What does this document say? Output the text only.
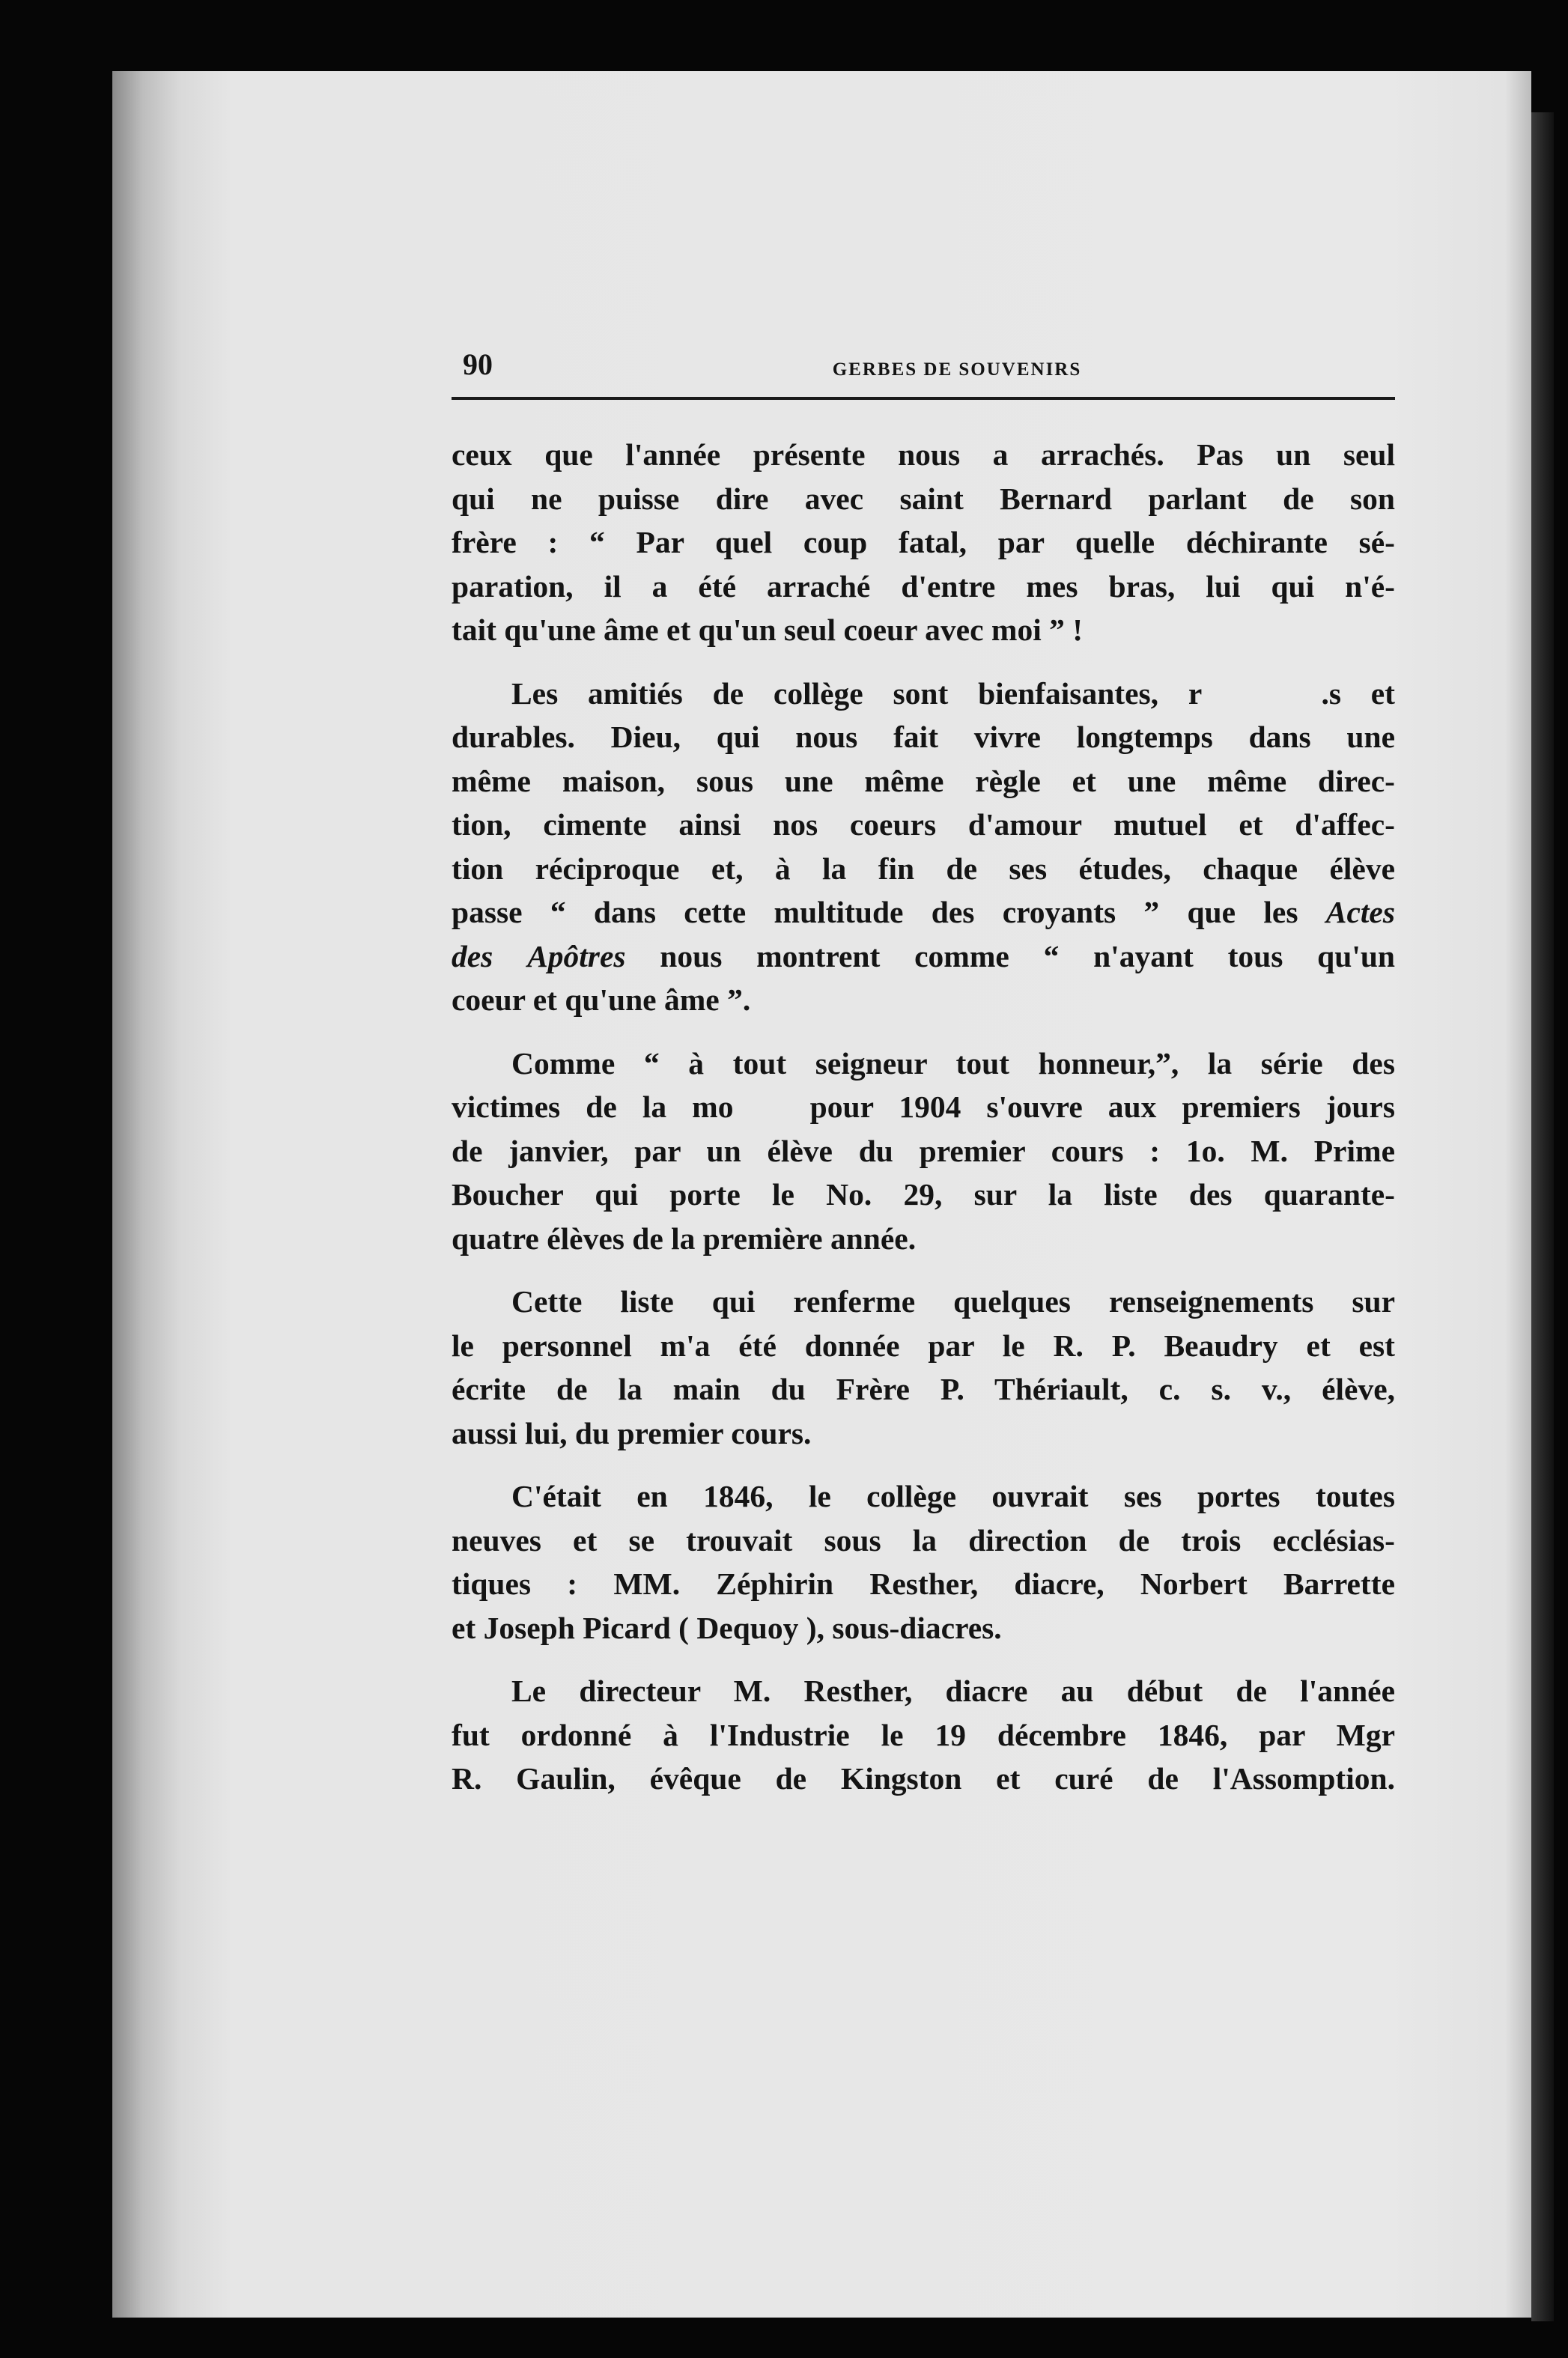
90	GERBES DE SOUVENIRS

ceux que l'année présente nous a arrachés. Pas un seul
qui ne puisse dire avec saint Bernard parlant de son
frère : “ Par quel coup fatal, par quelle déchirante sé-
paration, il a été arraché d'entre mes bras, lui qui n'é-
tait qu'une âme et qu'un seul coeur avec moi ” !

Les amitiés de collège sont bienfaisantes, r    .s et
durables. Dieu, qui nous fait vivre longtemps dans une
même maison, sous une même règle et une même direc-
tion, cimente ainsi nos coeurs d'amour mutuel et d'affec-
tion réciproque et, à la fin de ses études, chaque élève
passe “ dans cette multitude des croyants ” que les Actes
des Apôtres nous montrent comme “ n'ayant tous qu'un
coeur et qu'une âme ”.

Comme “ à tout seigneur tout honneur,”, la série des
victimes de la mo   pour 1904 s'ouvre aux premiers jours
de janvier, par un élève du premier cours : 1o. M. Prime
Boucher qui porte le No. 29, sur la liste des quarante-
quatre élèves de la première année.

Cette liste qui renferme quelques renseignements sur
le personnel m'a été donnée par le R. P. Beaudry et est
écrite de la main du Frère P. Thériault, c. s. v., élève,
aussi lui, du premier cours.

C'était en 1846, le collège ouvrait ses portes toutes
neuves et se trouvait sous la direction de trois ecclésias-
tiques : MM. Zéphirin Resther, diacre, Norbert Barrette
et Joseph Picard ( Dequoy ), sous-diacres.

Le directeur M. Resther, diacre au début de l'année
fut ordonné à l'Industrie le 19 décembre 1846, par Mgr
R. Gaulin, évêque de Kingston et curé de l'Assomption.
